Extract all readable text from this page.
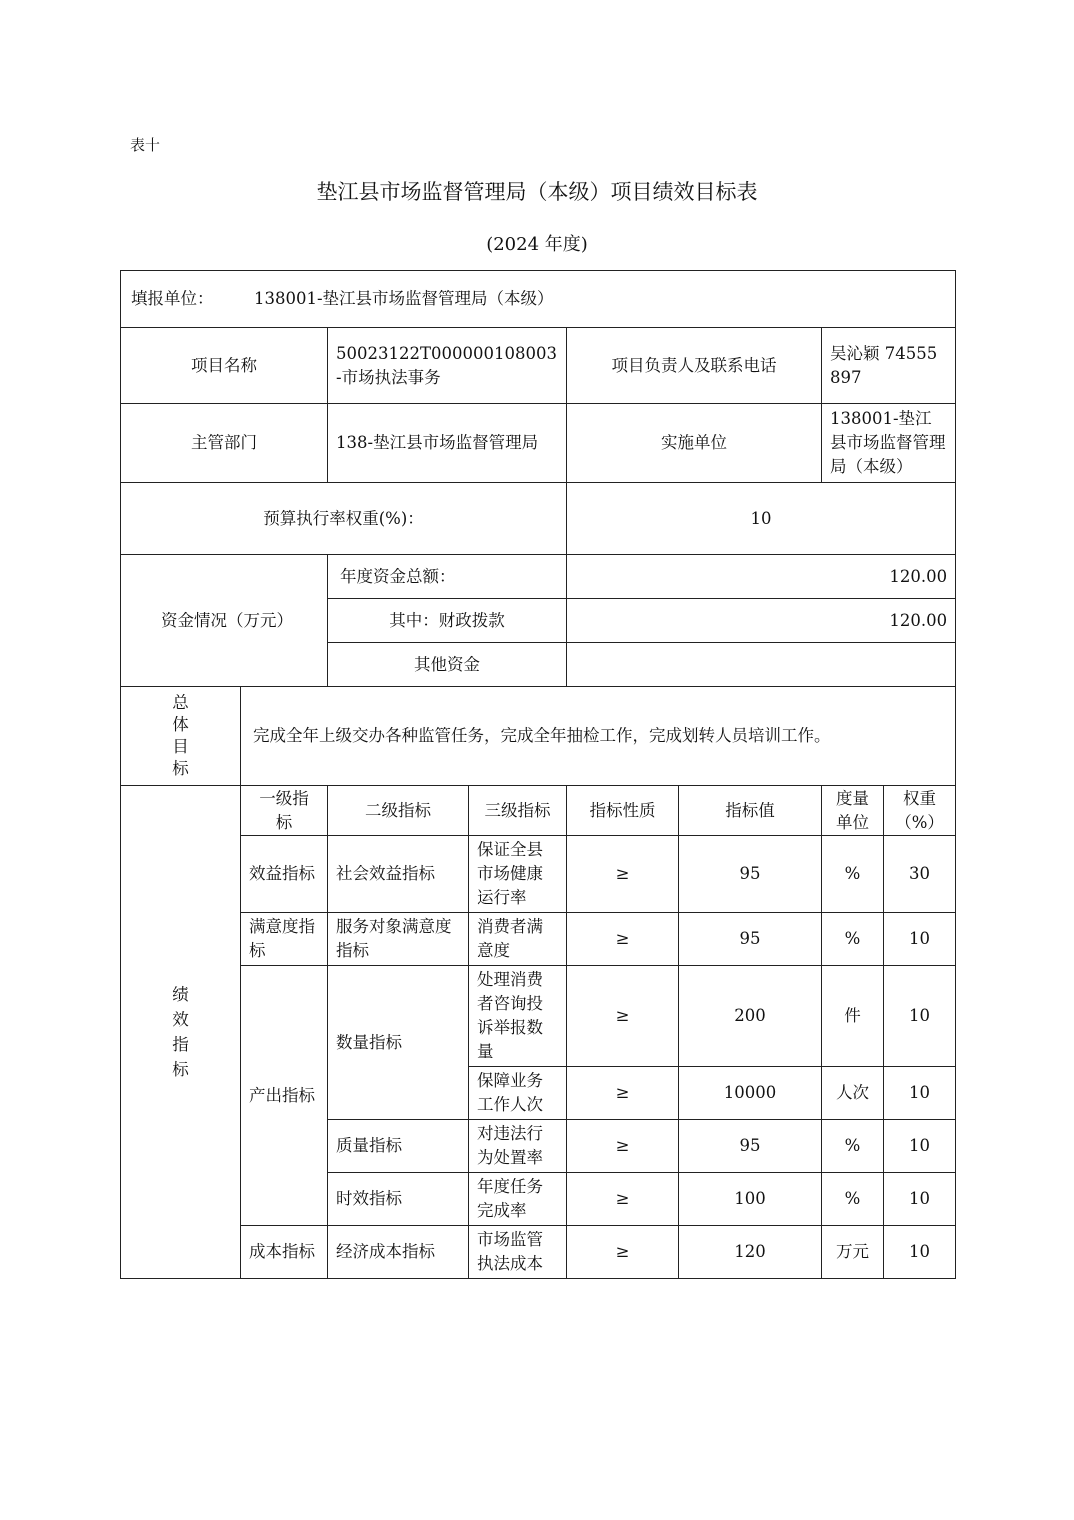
表十
垫江县市场监督管理局（本级）项目绩效目标表
(2024 年度)
填报单位： 138001-垫江县市场监督管理局（本级）							
项目名称		50023122T000000108003-市场执法事务		项目负责人及联系电话		吴沁颖 74555897	
主管部门		138-垫江县市场监督管理局		实施单位		138001-垫江县市场监督管理局（本级）	
预算执行率权重(%)：				10			
资金情况（万元）		年度资金总额：		120.00			
		其中：财政拨款		120.00			
		其他资金					

总
体
目
标	完成全年上级交办各种监管任务，完成全年抽检工作，完成划转人员培训工作。						

绩
效
指
标	一级指标	二级指标	三级指标	指标性质	指标值	度量单位	权重（%）
	效益指标	社会效益指标	保证全县市场健康运行率	≥	95	%	30
	满意度指标	服务对象满意度指标	消费者满意度	≥	95	%	10
	产出指标	数量指标	处理消费者咨询投诉举报数量	≥	200	件	10
			保障业务工作人次	≥	10000	人次	10
		质量指标	对违法行为处置率	≥	95	%	10
		时效指标	年度任务完成率	≥	100	%	10
	成本指标	经济成本指标	市场监管执法成本	≥	120	万元	10
